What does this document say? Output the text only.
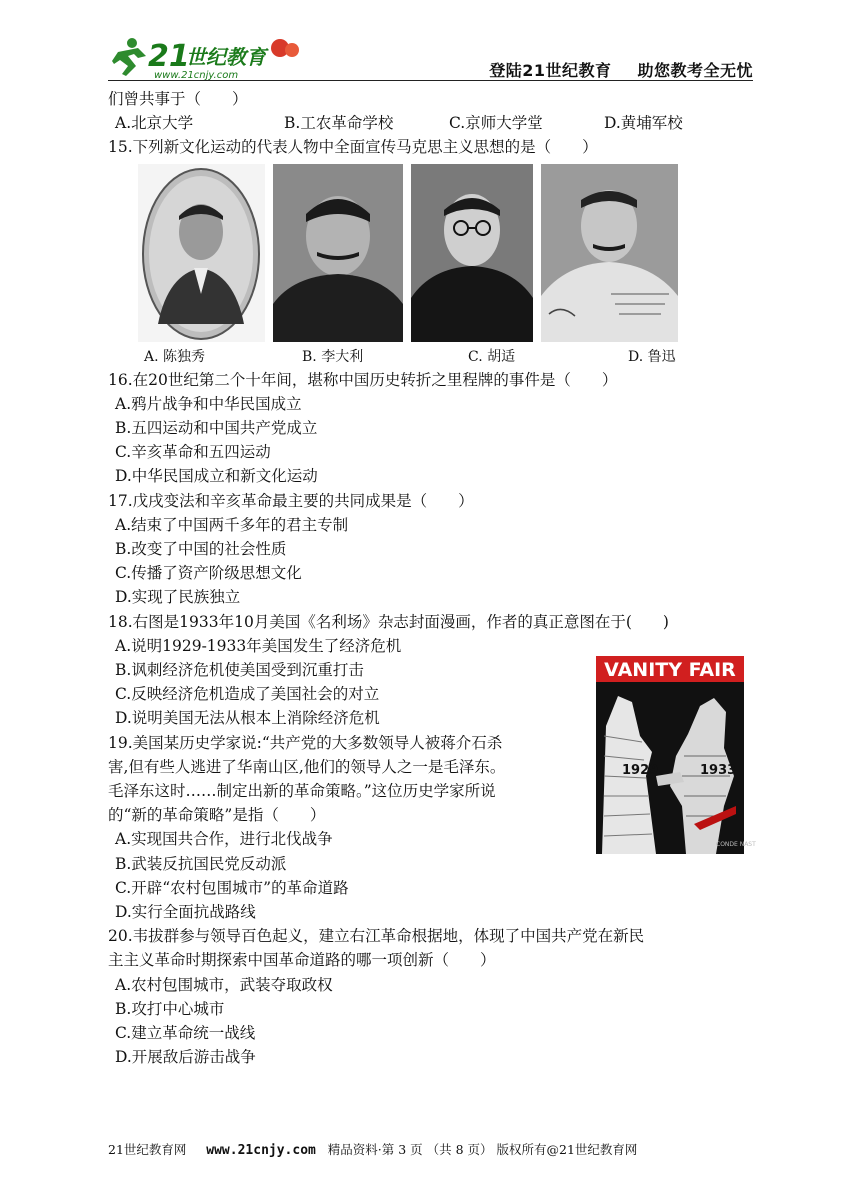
21
世纪教育
www.21cnjy.com	登陆21世纪教育 助您教考全无忧
们曾共事于（　　）
A.北京大学	B.工农革命学校	C.京师大学堂	D.黄埔军校
15.下列新文化运动的代表人物中全面宣传马克思主义思想的是（　　）
A. 陈独秀	B. 李大利	C. 胡适	D. 鲁迅
16.在20世纪第二个十年间，堪称中国历史转折之里程牌的事件是（　　）
A.鸦片战争和中华民国成立
B.五四运动和中国共产党成立
C.辛亥革命和五四运动
D.中华民国成立和新文化运动
17.戊戌变法和辛亥革命最主要的共同成果是（　　）
A.结束了中国两千多年的君主专制
B.改变了中国的社会性质
C.传播了资产阶级思想文化
D.实现了民族独立
18.右图是1933年10月美国《名利场》杂志封面漫画，作者的真正意图在于(　　)
A.说明1929-1933年美国发生了经济危机
B.讽刺经济危机使美国受到沉重打击
C.反映经济危机造成了美国社会的对立
D.说明美国无法从根本上消除经济危机
19.美国某历史学家说:“共产党的大多数领导人被蒋介石杀
害,但有些人逃进了华南山区,他们的领导人之一是毛泽东。
毛泽东这时……制定出新的革命策略。”这位历史学家所说
的“新的革命策略”是指（　　）
A.实现国共合作，进行北伐战争
B.武装反抗国民党反动派
C.开辟“农村包围城市”的革命道路
D.实行全面抗战路线
20.韦拔群参与领导百色起义，建立右江革命根据地，体现了中国共产党在新民
主主义革命时期探索中国革命道路的哪一项创新（　　）
A.农村包围城市，武装夺取政权
B.攻打中心城市
C.建立革命统一战线
D.开展敌后游击战争
VANITY FAIR
1929	1933
CONDE NAST
21世纪教育网 www.21cnjy.com 精品资料·第 3 页 （共 8 页） 版权所有@21世纪教育网
